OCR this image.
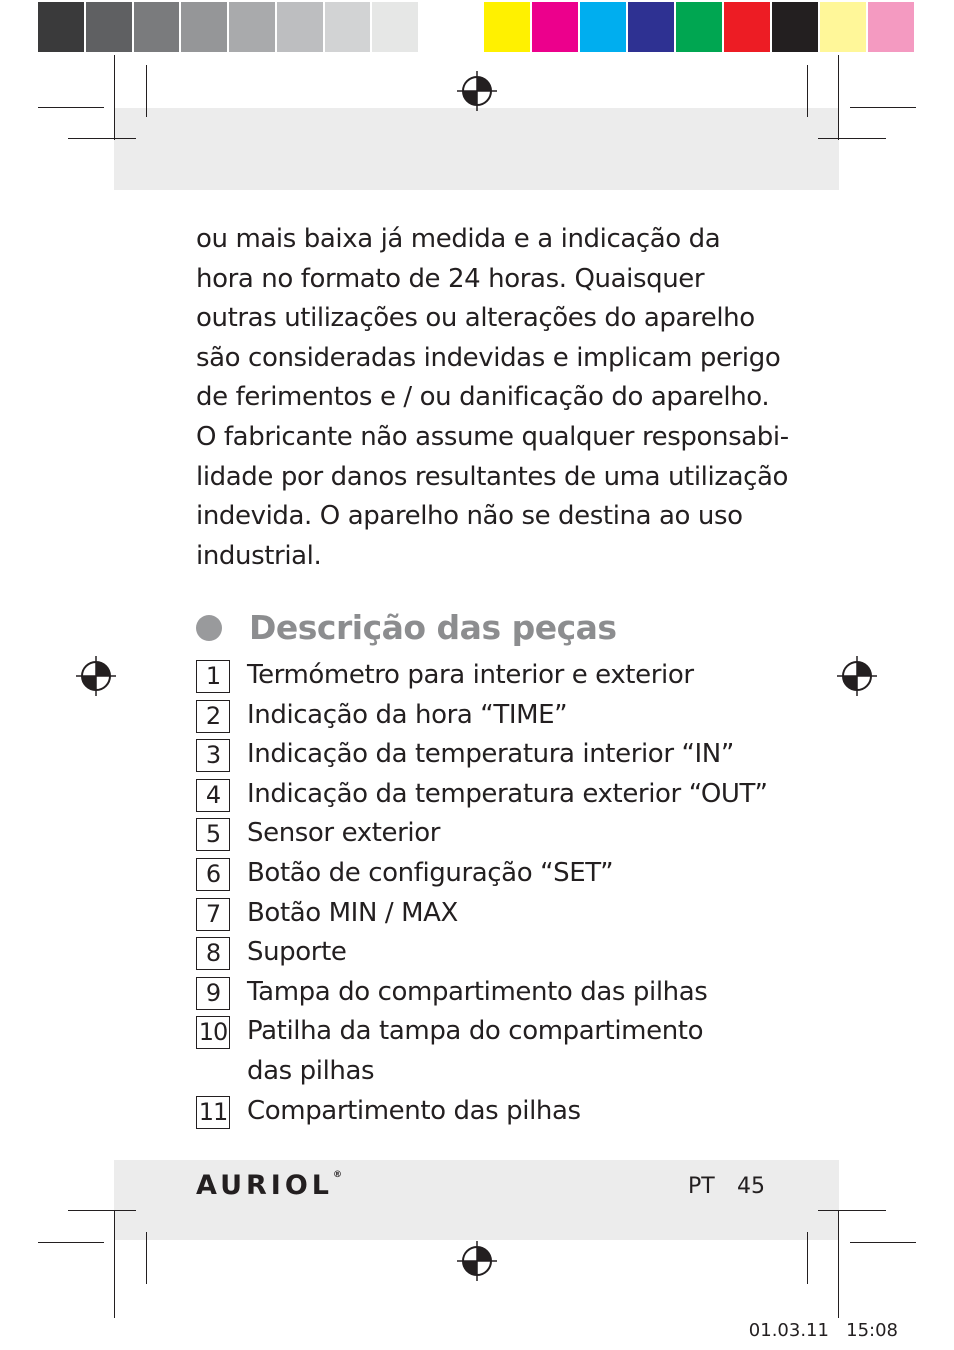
ou mais baixa já medida e a indicação da
hora no formato de 24 horas. Quaisquer
outras utilizações ou alterações do aparelho
são consideradas indevidas e implicam perigo
de ferimentos e / ou danificação do aparelho.
O fabricante não assume qualquer responsabi-
lidade por danos resultantes de uma utilização
indevida. O aparelho não se destina ao uso
industrial.
Descrição das peças
1	Termómetro para interior e exterior
2	Indicação da hora “TIME”
3	Indicação da temperatura interior “IN”
4	Indicação da temperatura exterior “OUT”
5	Sensor exterior
6	Botão de configuração “SET”
7	Botão MIN / MAX
8	Suporte
9	Tampa do compartimento das pilhas
10 Patilha da tampa do compartimento
das pilhas
11 Compartimento das pilhas
AURIOL®	PT 45
01.03.11   15:08
